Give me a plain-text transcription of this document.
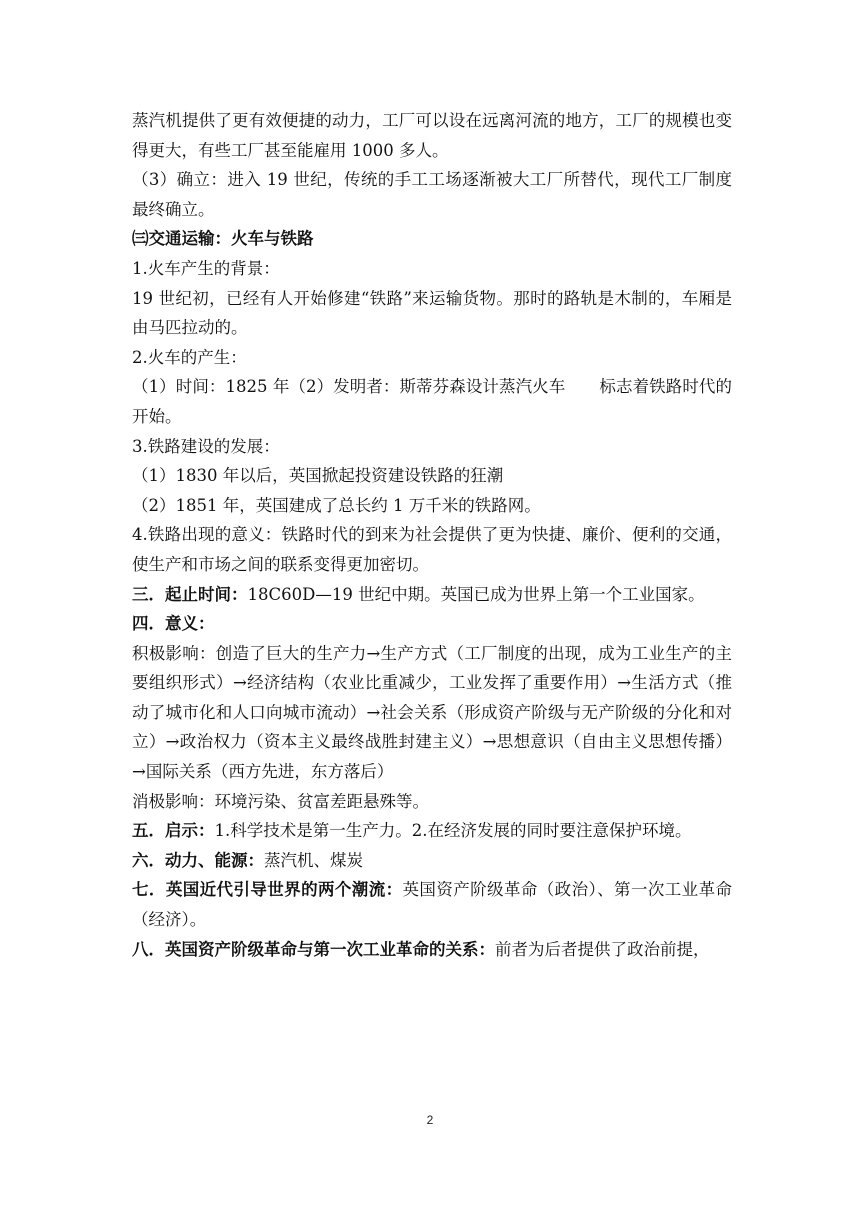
蒸汽机提供了更有效便捷的动力，工厂可以设在远离河流的地方，工厂的规模也变得更大，有些工厂甚至能雇用 1000 多人。

（3）确立：进入 19 世纪，传统的手工工场逐渐被大工厂所替代，现代工厂制度最终确立。

㈢交通运输：火车与铁路

1.火车产生的背景：

19 世纪初，已经有人开始修建“铁路”来运输货物。那时的路轨是木制的，车厢是由马匹拉动的。

2.火车的产生：

（1）时间：1825 年（2）发明者：斯蒂芬森设计蒸汽火车 标志着铁路时代的开始。

3.铁路建设的发展：

（1）1830 年以后，英国掀起投资建设铁路的狂潮

（2）1851 年，英国建成了总长约 1 万千米的铁路网。

4.铁路出现的意义：铁路时代的到来为社会提供了更为快捷、廉价、便利的交通，使生产和市场之间的联系变得更加密切。

三．起止时间：18C60D—19 世纪中期。英国已成为世界上第一个工业国家。

四．意义：

积极影响：创造了巨大的生产力→生产方式（工厂制度的出现，成为工业生产的主要组织形式）→经济结构（农业比重减少，工业发挥了重要作用）→生活方式（推动了城市化和人口向城市流动）→社会关系（形成资产阶级与无产阶级的分化和对立）→政治权力（资本主义最终战胜封建主义）→思想意识（自由主义思想传播）→国际关系（西方先进，东方落后）

消极影响：环境污染、贫富差距悬殊等。

五．启示：1.科学技术是第一生产力。2.在经济发展的同时要注意保护环境。

六．动力、能源：蒸汽机、煤炭

七．英国近代引导世界的两个潮流：英国资产阶级革命（政治）、第一次工业革命（经济）。

八．英国资产阶级革命与第一次工业革命的关系：前者为后者提供了政治前提，

2
